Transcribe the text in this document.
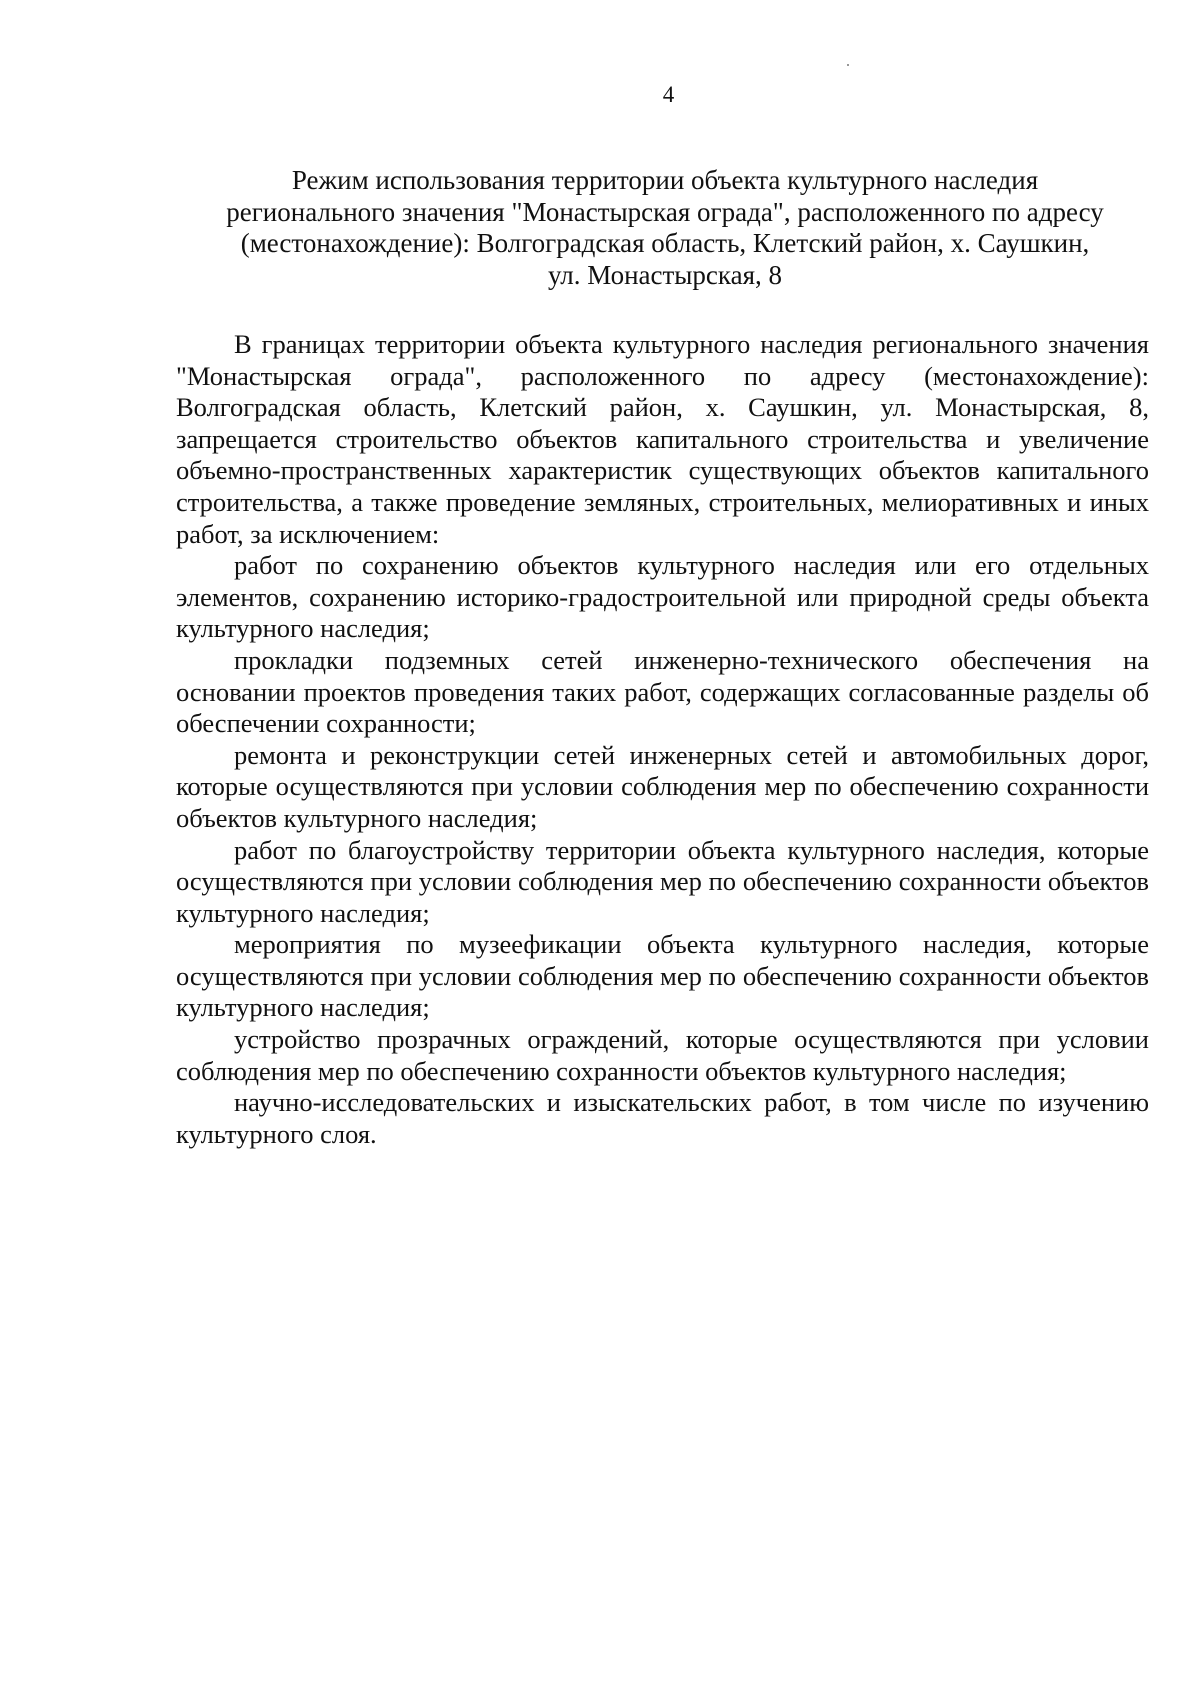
4
Режим использования территории объекта культурного наследия
регионального значения "Монастырская ограда", расположенного по адресу
(местонахождение): Волгоградская область, Клетский район, х. Саушкин,
ул. Монастырская, 8

В границах территории объекта культурного наследия регионального значения "Монастырская ограда", расположенного по адресу (местонахождение): Волгоградская область, Клетский район, х. Саушкин, ул. Монастырская, 8, запрещается строительство объектов капитального строительства и увеличение объемно-пространственных характеристик существующих объектов капитального строительства, а также проведение земляных, строительных, мелиоративных и иных работ, за исключением:

работ по сохранению объектов культурного наследия или его отдельных элементов, сохранению историко-градостроительной или природной среды объекта культурного наследия;

прокладки подземных сетей инженерно-технического обеспечения на основании проектов проведения таких работ, содержащих согласованные разделы об обеспечении сохранности;

ремонта и реконструкции сетей инженерных сетей и автомобильных дорог, которые осуществляются при условии соблюдения мер по обеспечению сохранности объектов культурного наследия;

работ по благоустройству территории объекта культурного наследия, которые осуществляются при условии соблюдения мер по обеспечению сохранности объектов культурного наследия;

мероприятия по музеефикации объекта культурного наследия, которые осуществляются при условии соблюдения мер по обеспечению сохранности объектов культурного наследия;

устройство прозрачных ограждений, которые осуществляются при условии соблюдения мер по обеспечению сохранности объектов культурного наследия;

научно-исследовательских и изыскательских работ, в том числе по изучению культурного слоя.
